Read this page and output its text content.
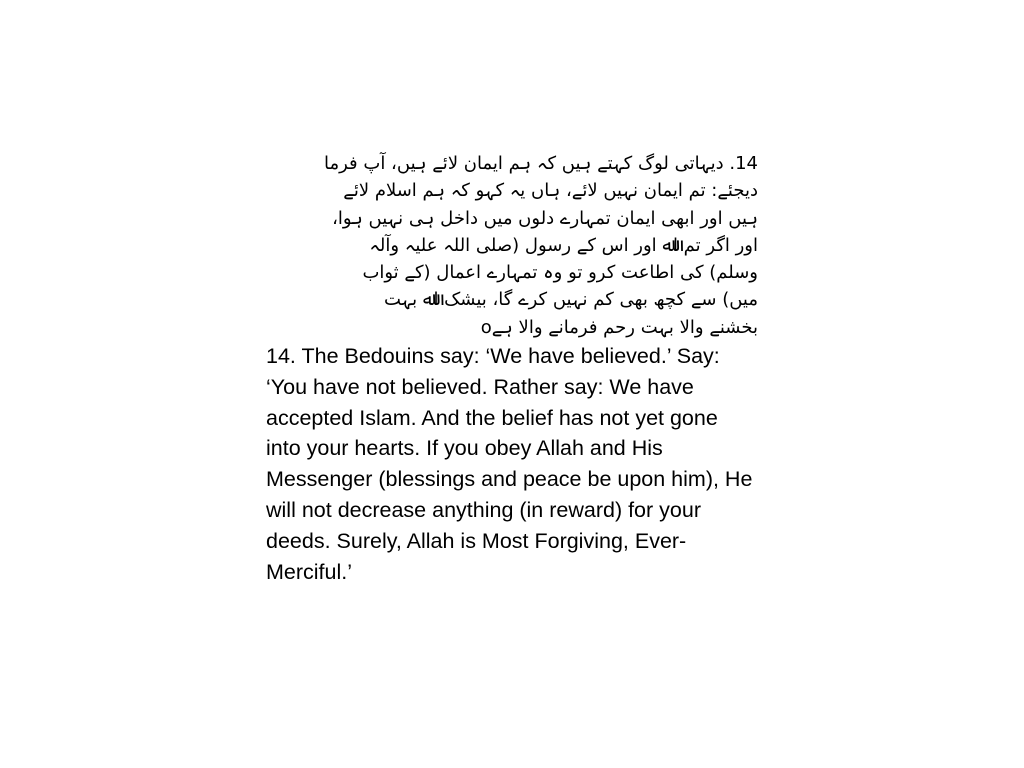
14. دیہاتی لوگ کہتے ہیں کہ ہم ایمان لائے ہیں، آپ فرما
دیجئے: تم ایمان نہیں لائے، ہاں یہ کہو کہ ہم اسلام لائے
ہیں اور ابھی ایمان تمہارے دلوں میں داخل ہی نہیں ہوا،
اور اگر تم اﷲ اور اس کے رسول (صلی اللہ علیہ وآلہ
وسلم) کی اطاعت کرو تو وہ تمہارے اعمال (کے ثواب
میں) سے کچھ بھی کم نہیں کرے گا، بیشک اﷲ بہت
بخشنے والا بہت رحم فرمانے والا ہےo
14. The Bedouins say: ‘We have believed.’ Say: ‘You have not believed. Rather say: We have accepted Islam. And the belief has not yet gone into your hearts. If you obey Allah and His Messenger (blessings and peace be upon him), He will not decrease anything (in reward) for your deeds. Surely, Allah is Most Forgiving, Ever-Merciful.’
